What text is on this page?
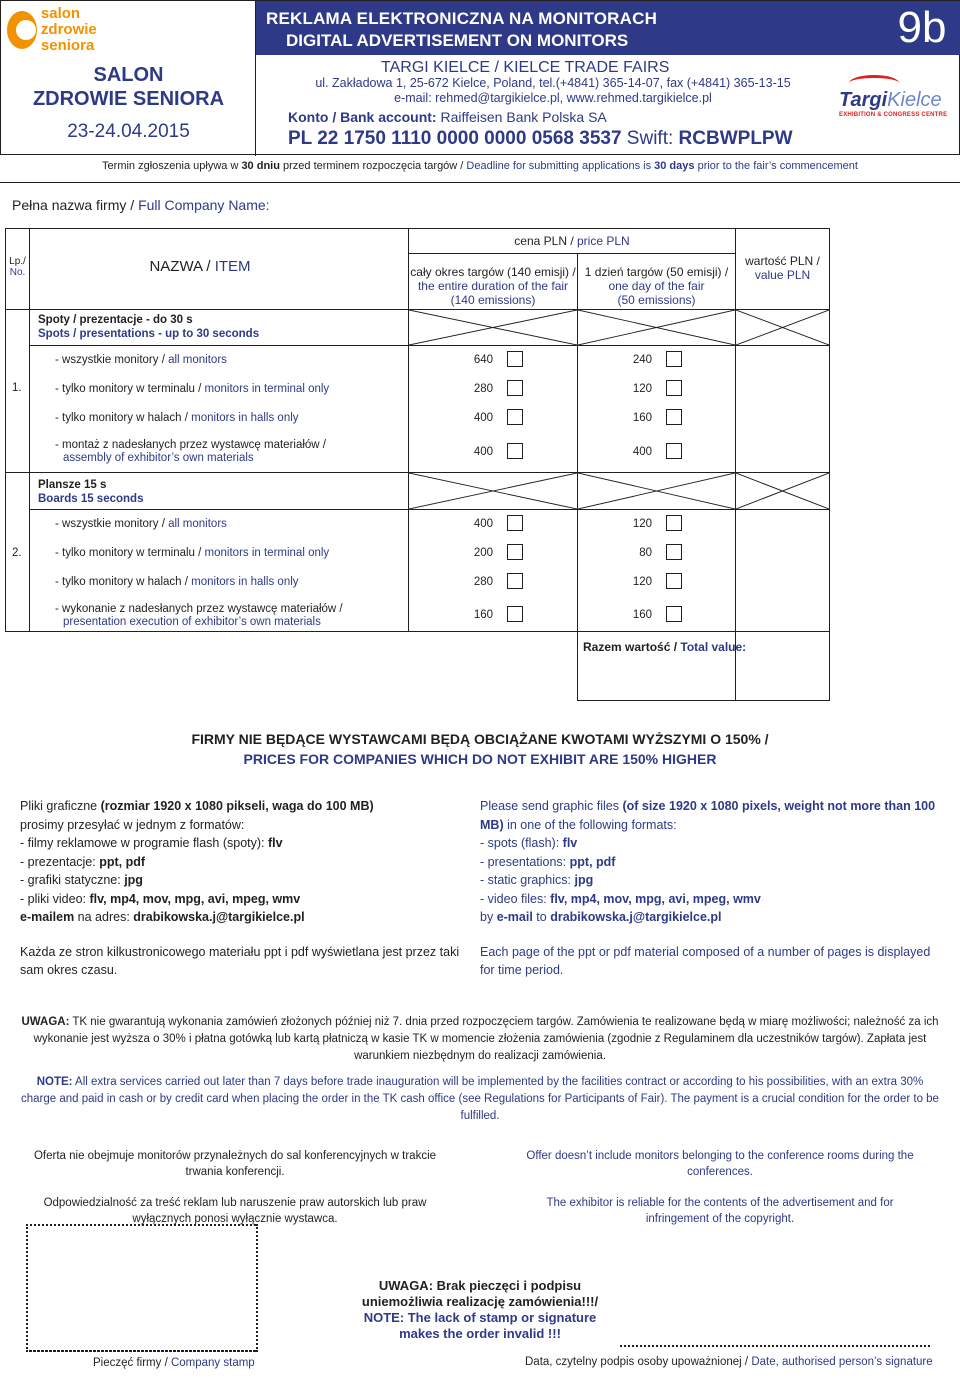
salon zdrowie
seniora
SALON
ZDROWIE SENIORA
23-24.04.2015
REKLAMA ELEKTRONICZNA NA MONITORACH
DIGITAL ADVERTISEMENT ON MONITORS	9b
TARGI KIELCE / KIELCE TRADE FAIRS
ul. Zakładowa 1, 25-672 Kielce, Poland, tel.(+4841) 365-14-07, fax (+4841) 365-13-15
e-mail: rehmed@targikielce.pl, www.rehmed.targikielce.pl
Konto / Bank account: Raiffeisen Bank Polska SA
PL 22 1750 1110 0000 0000 0568 3537 Swift: RCBWPLPW
TargiKielce
EXHIBITION & CONGRESS CENTRE
Termin zgłoszenia upływa w 30 dniu przed terminem rozpoczęcia targów / Deadline for submitting applications is 30 days prior to the fair’s commencement
Pełna nazwa firmy / Full Company Name:
Lp./
No.	NAZWA / ITEM
cena PLN / price PLN
cały okres targów (140 emisji) /
the entire duration of the fair
(140 emissions)
1 dzień targów (50 emisji) /
one day of the fair
(50 emissions)
wartość PLN /
value PLN
Spoty / prezentacje - do 30 s
Spots / presentations - up to 30 seconds
1.
- wszystkie monitory / all monitors	640	240
- tylko monitory w terminalu / monitors in terminal only	280	120
- tylko monitory w halach / monitors in halls only	400	160
- montaż z nadesłanych przez wystawcę materiałów /
assembly of exhibitor’s own materials	400	400
Plansze 15 s
Boards 15 seconds
2.
- wszystkie monitory / all monitors	400	120
- tylko monitory w terminalu / monitors in terminal only	200	80
- tylko monitory w halach / monitors in halls only	280	120
- wykonanie z nadesłanych przez wystawcę materiałów /
presentation execution of exhibitor’s own materials
160	160
Razem wartość / Total value:
FIRMY NIE BĘDĄCE WYSTAWCAMI BĘDĄ OBCIĄŻANE KWOTAMI WYŻSZYMI O 150% /
PRICES FOR COMPANIES WHICH DO NOT EXHIBIT ARE 150% HIGHER
Pliki graficzne (rozmiar 1920 x 1080 pikseli, waga do 100 MB)
prosimy przesyłać w jednym z formatów:
- filmy reklamowe w programie flash (spoty): flv
- prezentacje: ppt, pdf
- grafiki statyczne: jpg
- pliki video: flv, mp4, mov, mpg, avi, mpeg, wmv
e-mailem na adres: drabikowska.j@targikielce.pl
Każda ze stron kilkustronicowego materiału ppt i pdf wyświetlana jest przez taki sam okres czasu.
Please send graphic files (of size 1920 x 1080 pixels, weight not more than 100 MB) in one of the following formats:
- spots (flash): flv
- presentations: ppt, pdf
- static graphics: jpg
- video files: flv, mp4, mov, mpg, avi, mpeg, wmv
by e-mail to drabikowska.j@targikielce.pl
Each page of the ppt or pdf material composed of a number of pages is displayed for time period.
UWAGA: TK nie gwarantują wykonania zamówień złożonych później niż 7. dnia przed rozpoczęciem targów. Zamówienia te realizowane będą w miarę możliwości; należność za ich wykonanie jest wyższa o 30% i płatna gotówką lub kartą płatniczą w kasie TK w momencie złożenia zamówienia (zgodnie z Regulaminem dla uczestników targów). Zapłata jest warunkiem niezbędnym do realizacji zamówienia.
NOTE: All extra services carried out later than 7 days before trade inauguration will be implemented by the facilities contract or according to his possibilities, with an extra 30% charge and paid in cash or by credit card when placing the order in the TK cash office (see Regulations for Participants of Fair). The payment is a crucial condition for the order to be fulfilled.
Oferta nie obejmuje monitorów przynależnych do sal konferencyjnych w trakcie trwania konferencji.
Offer doesn’t include monitors belonging to the conference rooms during the conferences.
Odpowiedzialność za treść reklam lub naruszenie praw autorskich lub praw wyłącznych ponosi wyłącznie wystawca.
The exhibitor is reliable for the contents of the advertisement and for infringement of the copyright.
Pieczęć firmy / Company stamp
UWAGA: Brak pieczęci i podpisu
uniemożliwia realizację zamówienia!!!/
NOTE: The lack of stamp or signature
makes the order invalid !!!
Data, czytelny podpis osoby upoważnionej / Date, authorised person’s signature
